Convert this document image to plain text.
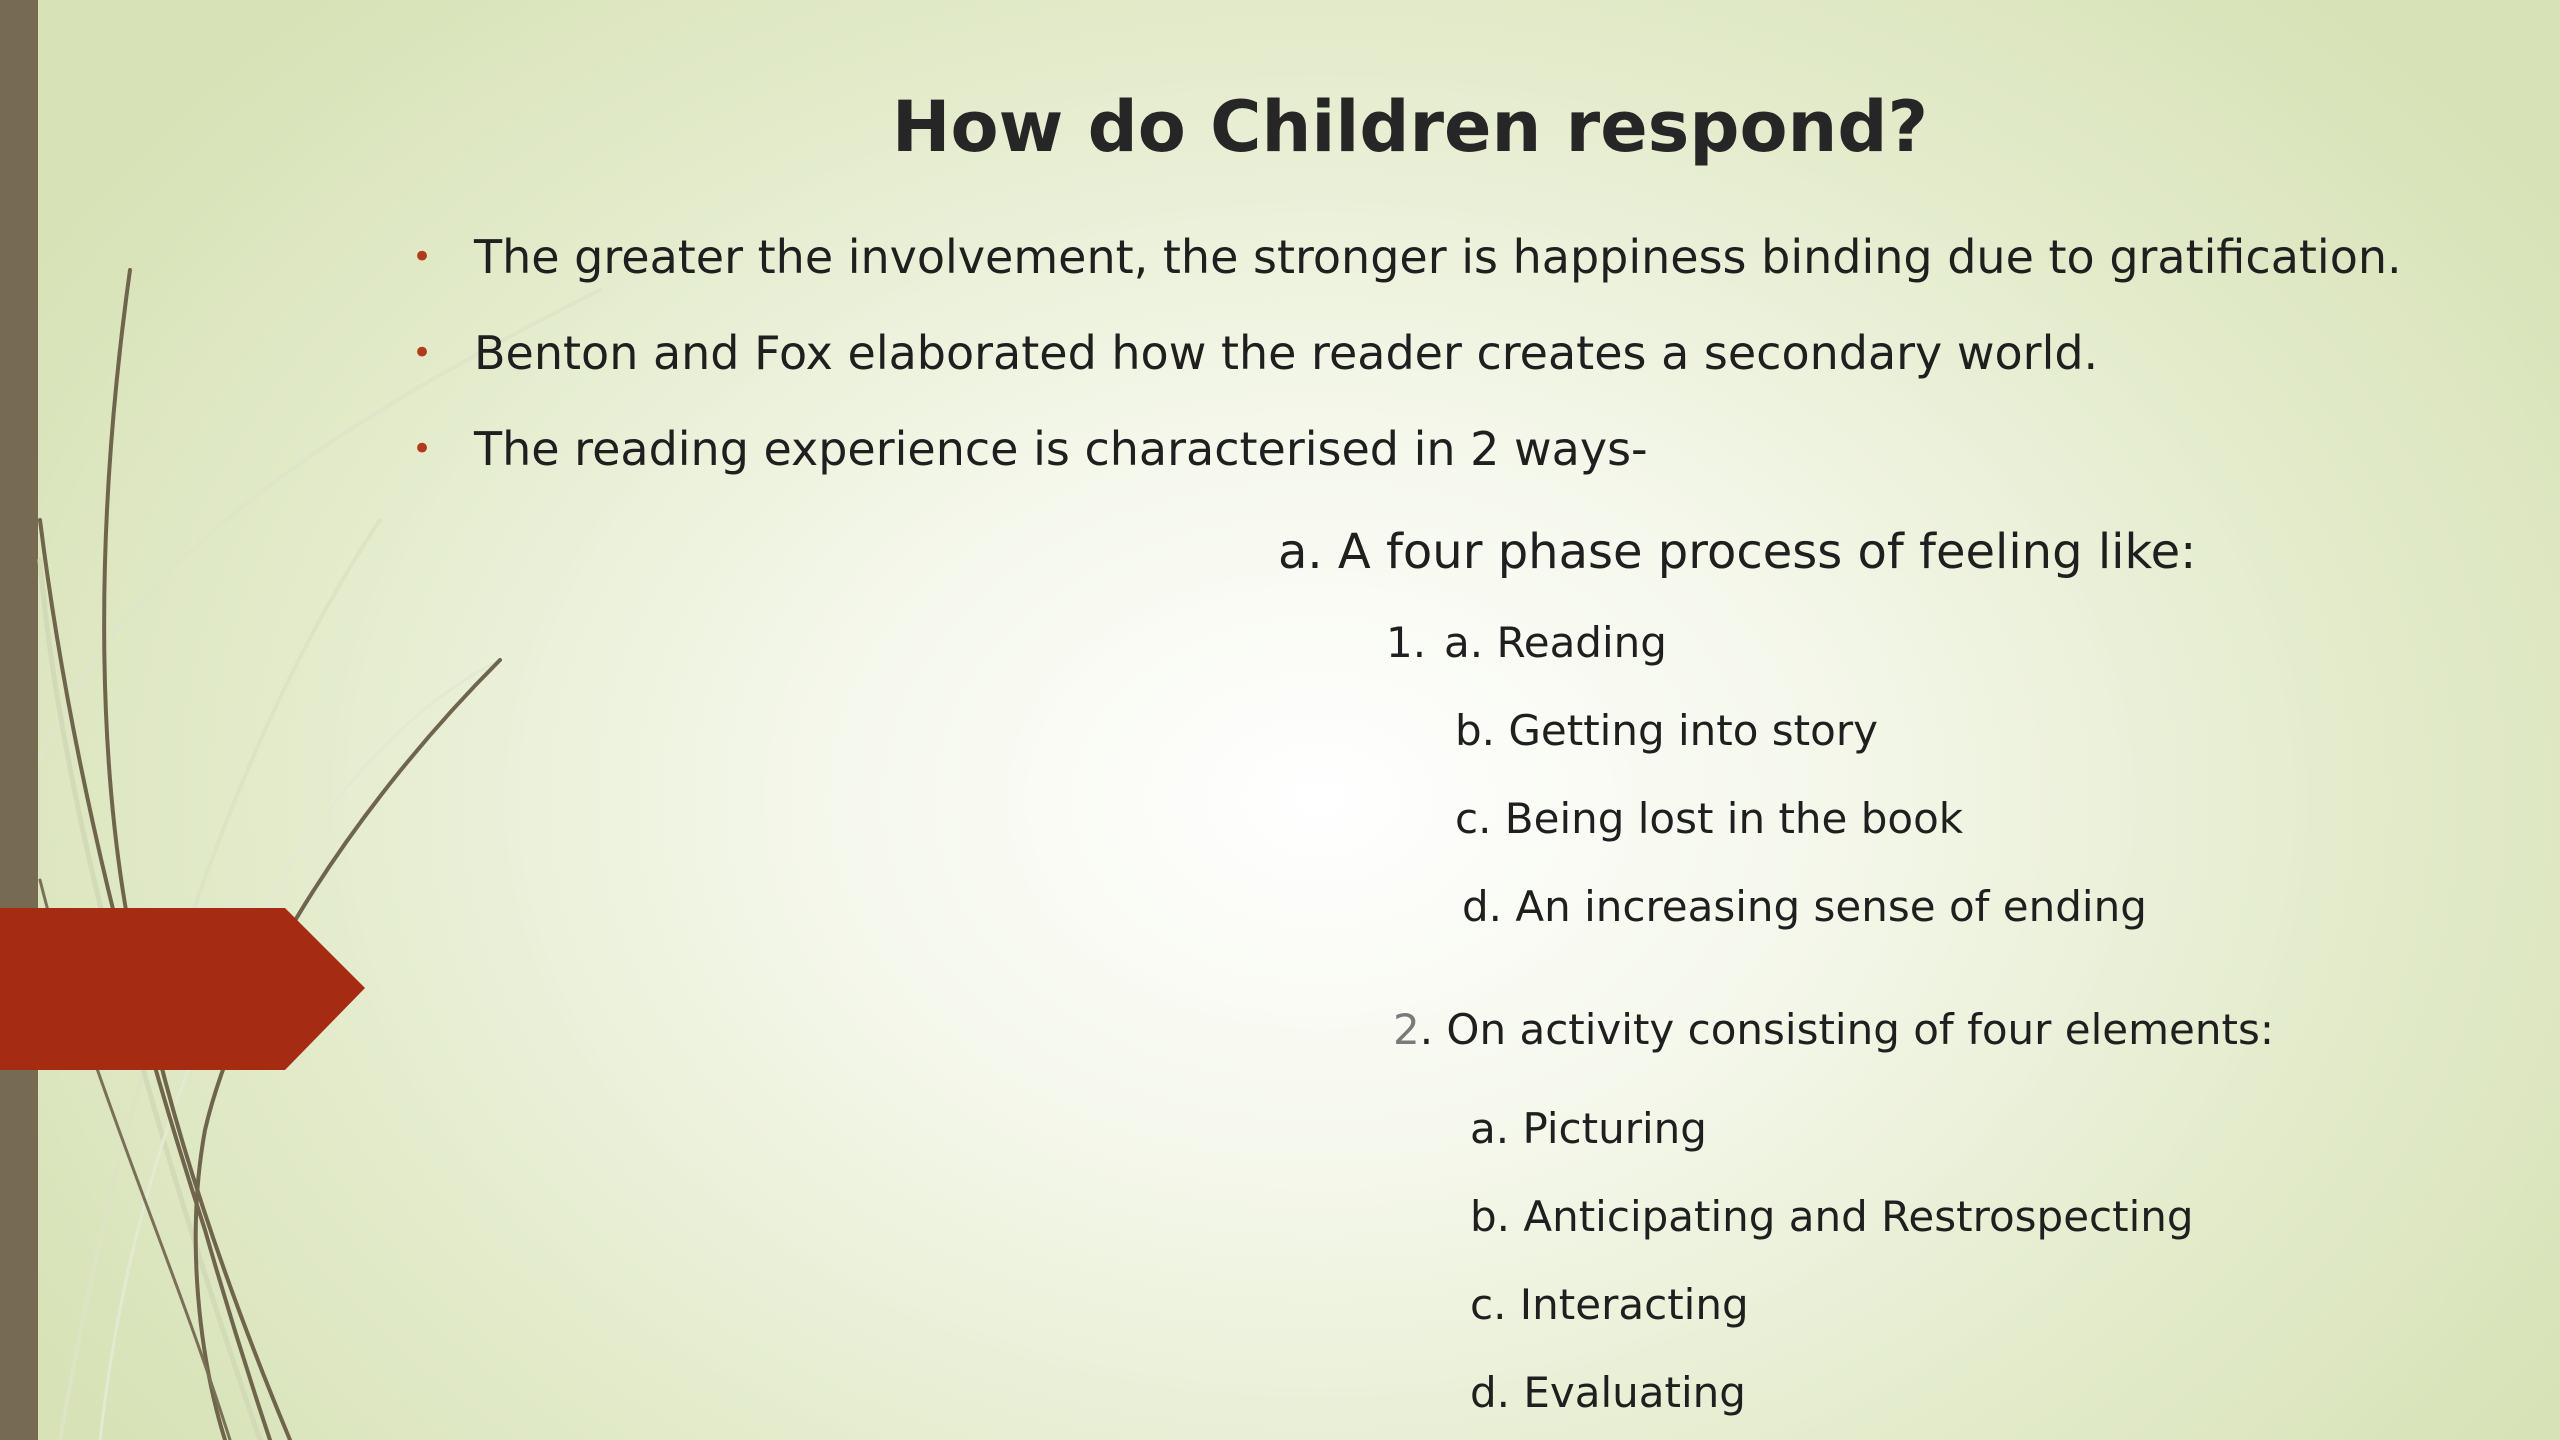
How do Children respond?
• The greater the involvement, the stronger is happiness binding due to gratification.
• Benton and Fox elaborated how the reader creates a secondary world.
• The reading experience is characterised in 2 ways-
a. A four phase process of feeling like:
1. a. Reading
b. Getting into story
c. Being lost in the book
d. An increasing sense of ending
2. On activity consisting of four elements:
a. Picturing
b. Anticipating and Restrospecting
c. Interacting
d. Evaluating
